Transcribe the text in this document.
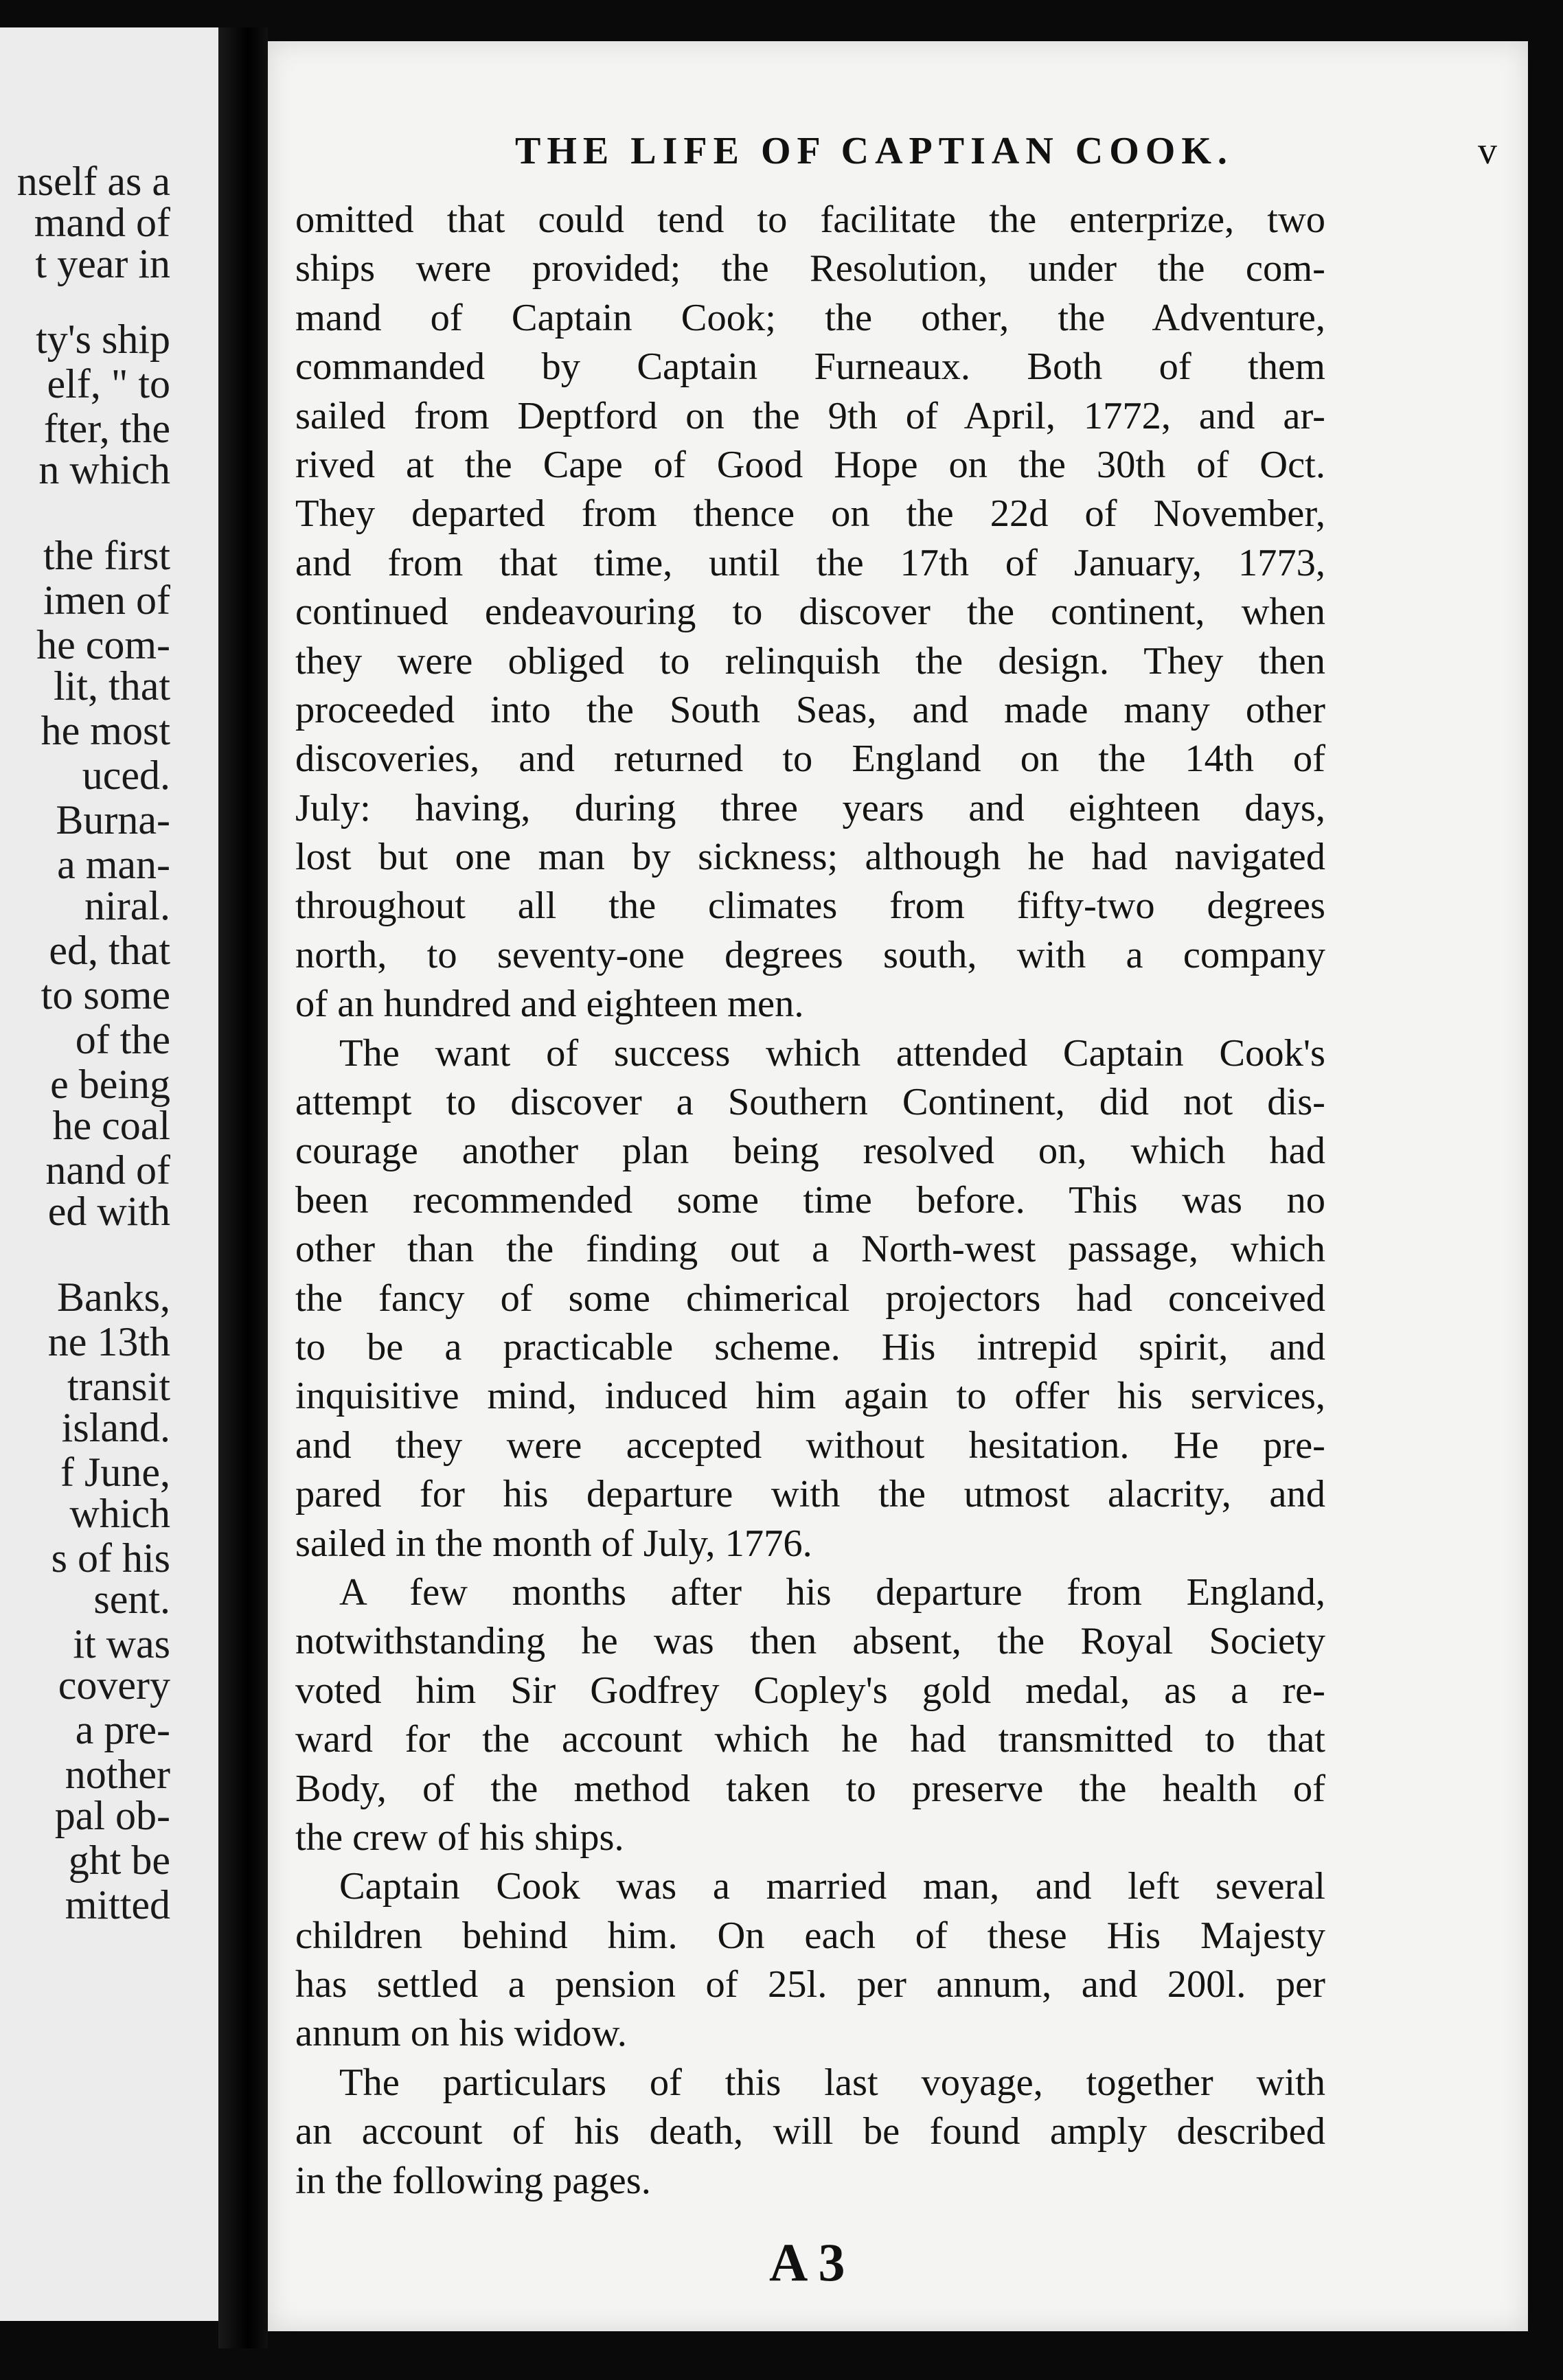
nself as a
mand of
t year in
ty's ship
elf, " to
fter, the
n which
the first
imen of
he com-
lit, that
he most
uced.
Burna-
a man-
niral.
ed, that
to some
of the
e being
he coal
nand of
ed with
Banks,
ne 13th
transit
island.
f June,
which
s of his
sent.
it was
covery
a pre-
nother
pal ob-
ght be
mitted
THE LIFE OF CAPTIAN COOK.	v
omitted that could tend to facilitate the enterprize, two
ships were provided; the Resolution, under the com-
mand of Captain Cook; the other, the Adventure,
commanded by Captain Furneaux. Both of them
sailed from Deptford on the 9th of April, 1772, and ar-
rived at the Cape of Good Hope on the 30th of Oct.
They departed from thence on the 22d of November,
and from that time, until the 17th of January, 1773,
continued endeavouring to discover the continent, when
they were obliged to relinquish the design. They then
proceeded into the South Seas, and made many other
discoveries, and returned to England on the 14th of
July: having, during three years and eighteen days,
lost but one man by sickness; although he had navigated
throughout all the climates from fifty-two degrees
north, to seventy-one degrees south, with a company
of an hundred and eighteen men.
The want of success which attended Captain Cook's
attempt to discover a Southern Continent, did not dis-
courage another plan being resolved on, which had
been recommended some time before. This was no
other than the finding out a North-west passage, which
the fancy of some chimerical projectors had conceived
to be a practicable scheme. His intrepid spirit, and
inquisitive mind, induced him again to offer his services,
and they were accepted without hesitation. He pre-
pared for his departure with the utmost alacrity, and
sailed in the month of July, 1776.
A few months after his departure from England,
notwithstanding he was then absent, the Royal Society
voted him Sir Godfrey Copley's gold medal, as a re-
ward for the account which he had transmitted to that
Body, of the method taken to preserve the health of
the crew of his ships.
Captain Cook was a married man, and left several
children behind him. On each of these His Majesty
has settled a pension of 25l. per annum, and 200l. per
annum on his widow.
The particulars of this last voyage, together with
an account of his death, will be found amply described
in the following pages.
A 3
